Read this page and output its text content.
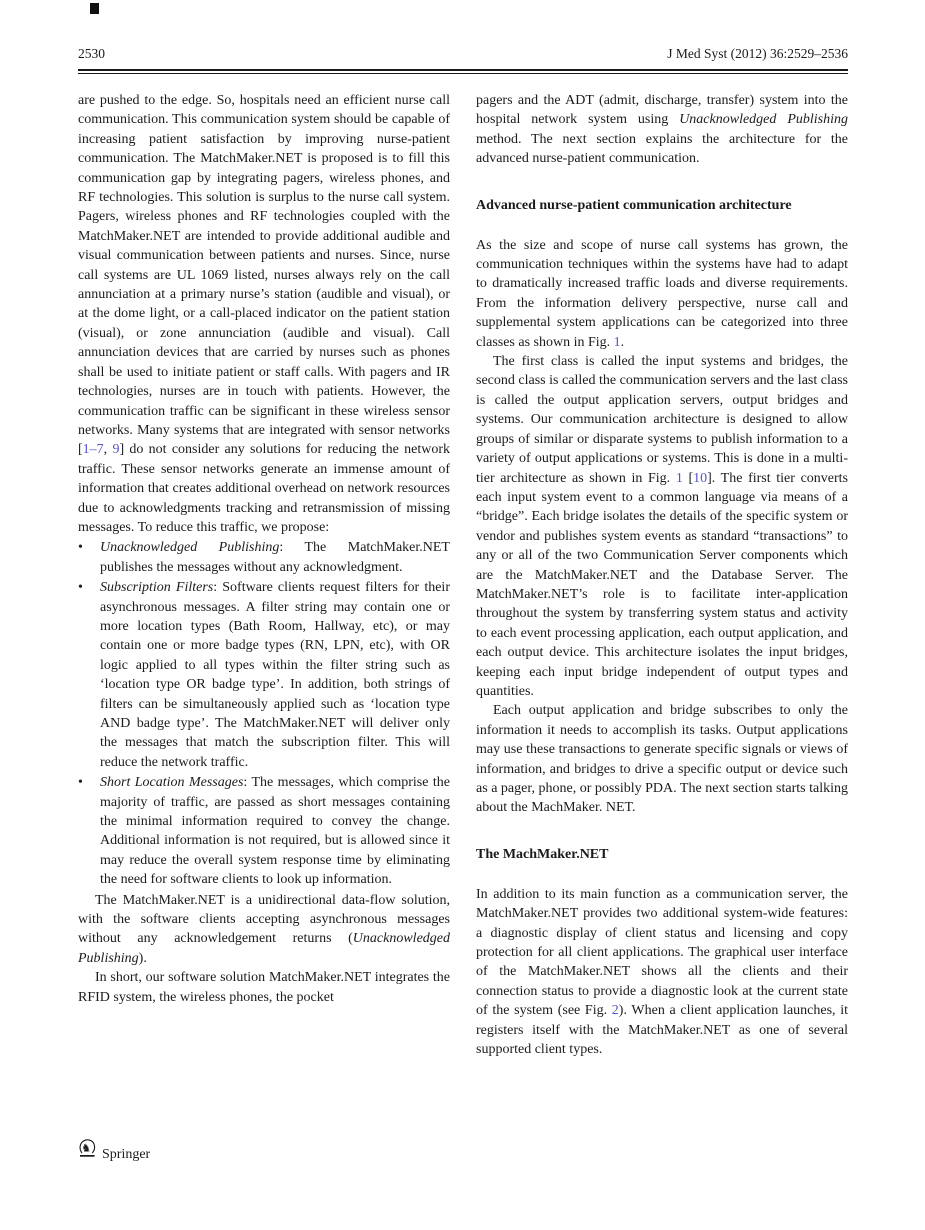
2530	J Med Syst (2012) 36:2529–2536

are pushed to the edge. So, hospitals need an efficient nurse call communication. This communication system should be capable of increasing patient satisfaction by improving nurse-patient communication. The MatchMaker.NET is proposed is to fill this communication gap by integrating pagers, wireless phones, and RF technologies. This solution is surplus to the nurse call system. Pagers, wireless phones and RF technologies coupled with the MatchMaker.NET are intended to provide additional audible and visual communication between patients and nurses. Since, nurse call systems are UL 1069 listed, nurses always rely on the call annunciation at a primary nurse’s station (audible and visual), or at the dome light, or a call-placed indicator on the patient station (visual), or zone annunciation (audible and visual). Call annunciation devices that are carried by nurses such as phones shall be used to initiate patient or staff calls. With pagers and IR technologies, nurses are in touch with patients. However, the communication traffic can be significant in these wireless sensor networks. Many systems that are integrated with sensor networks [1–7, 9] do not consider any solutions for reducing the network traffic. These sensor networks generate an immense amount of information that creates additional overhead on network resources due to acknowledgments tracking and retransmission of missing messages. To reduce this traffic, we propose:

•	Unacknowledged Publishing: The MatchMaker.NET publishes the messages without any acknowledgment.
•	Subscription Filters: Software clients request filters for their asynchronous messages. A filter string may contain one or more location types (Bath Room, Hallway, etc), or may contain one or more badge types (RN, LPN, etc), with OR logic applied to all types within the filter string such as ‘location type OR badge type’. In addition, both strings of filters can be simultaneously applied such as ‘location type AND badge type’. The MatchMaker.NET will deliver only the messages that match the subscription filter. This will reduce the network traffic.
•	Short Location Messages: The messages, which comprise the majority of traffic, are passed as short messages containing the minimal information required to convey the change. Additional information is not required, but is allowed since it may reduce the overall system response time by eliminating the need for software clients to look up information.

The MatchMaker.NET is a unidirectional data-flow solution, with the software clients accepting asynchronous messages without any acknowledgement returns (Unacknowledged Publishing).

In short, our software solution MatchMaker.NET integrates the RFID system, the wireless phones, the pocket

pagers and the ADT (admit, discharge, transfer) system into the hospital network system using Unacknowledged Publishing method. The next section explains the architecture for the advanced nurse-patient communication.

Advanced nurse-patient communication architecture

As the size and scope of nurse call systems has grown, the communication techniques within the systems have had to adapt to dramatically increased traffic loads and diverse requirements. From the information delivery perspective, nurse call and supplemental system applications can be categorized into three classes as shown in Fig. 1.

The first class is called the input systems and bridges, the second class is called the communication servers and the last class is called the output application servers, output bridges and systems. Our communication architecture is designed to allow groups of similar or disparate systems to publish information to a variety of output applications or systems. This is done in a multi-tier architecture as shown in Fig. 1 [10]. The first tier converts each input system event to a common language via means of a “bridge”. Each bridge isolates the details of the specific system or vendor and publishes system events as standard “transactions” to any or all of the two Communication Server components which are the MatchMaker.NET and the Database Server. The MatchMaker.NET’s role is to facilitate inter-application throughout the system by transferring system status and activity to each event processing application, each output application, and each output device. This architecture isolates the input bridges, keeping each input bridge independent of output types and quantities.

Each output application and bridge subscribes to only the information it needs to accomplish its tasks. Output applications may use these transactions to generate specific signals or views of information, and bridges to drive a specific output or device such as a pager, phone, or possibly PDA. The next section starts talking about the MachMaker. NET.

The MachMaker.NET

In addition to its main function as a communication server, the MatchMaker.NET provides two additional system-wide features: a diagnostic display of client status and licensing and copy protection for all client applications. The graphical user interface of the MatchMaker.NET shows all the clients and their connection status to provide a diagnostic look at the current state of the system (see Fig. 2). When a client application launches, it registers itself with the MatchMaker.NET as one of several supported client types.

♞ Springer
